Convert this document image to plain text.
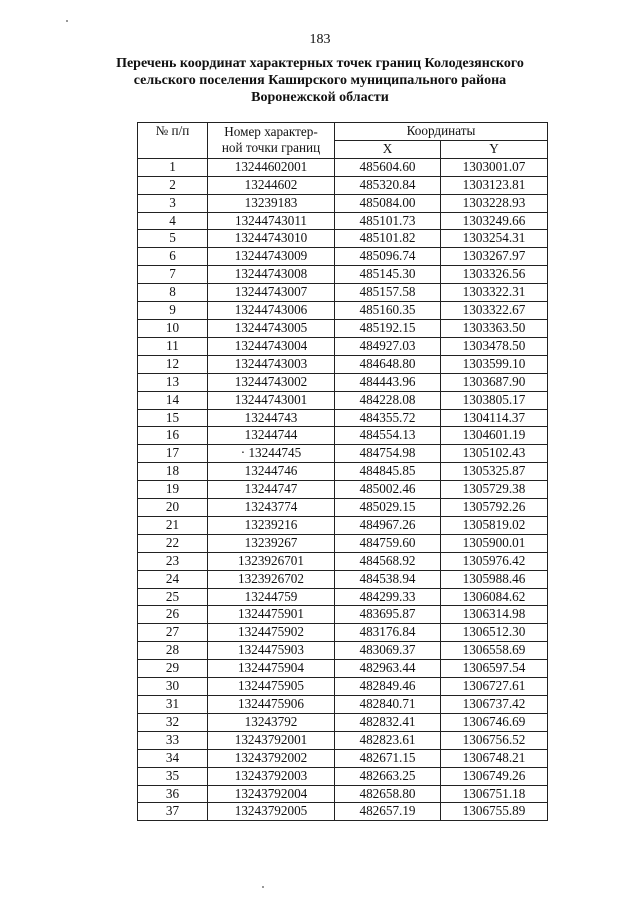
183
Перечень координат характерных точек границ Колодезянского
сельского поселения Каширского муниципального района
Воронежской области
№ п/п	Номер характер-
ной точки границ	Координаты	
		X	Y
1	13244602001	485604.60	1303001.07
2	13244602	485320.84	1303123.81
3	13239183	485084.00	1303228.93
4	13244743011	485101.73	1303249.66
5	13244743010	485101.82	1303254.31
6	13244743009	485096.74	1303267.97
7	13244743008	485145.30	1303326.56
8	13244743007	485157.58	1303322.31
9	13244743006	485160.35	1303322.67
10	13244743005	485192.15	1303363.50
11	13244743004	484927.03	1303478.50
12	13244743003	484648.80	1303599.10
13	13244743002	484443.96	1303687.90
14	13244743001	484228.08	1303805.17
15	13244743	484355.72	1304114.37
16	13244744	484554.13	1304601.19
17	· 13244745	484754.98	1305102.43
18	13244746	484845.85	1305325.87
19	13244747	485002.46	1305729.38
20	13243774	485029.15	1305792.26
21	13239216	484967.26	1305819.02
22	13239267	484759.60	1305900.01
23	1323926701	484568.92	1305976.42
24	1323926702	484538.94	1305988.46
25	13244759	484299.33	1306084.62
26	1324475901	483695.87	1306314.98
27	1324475902	483176.84	1306512.30
28	1324475903	483069.37	1306558.69
29	1324475904	482963.44	1306597.54
30	1324475905	482849.46	1306727.61
31	1324475906	482840.71	1306737.42
32	13243792	482832.41	1306746.69
33	13243792001	482823.61	1306756.52
34	13243792002	482671.15	1306748.21
35	13243792003	482663.25	1306749.26
36	13243792004	482658.80	1306751.18
37	13243792005	482657.19	1306755.89
